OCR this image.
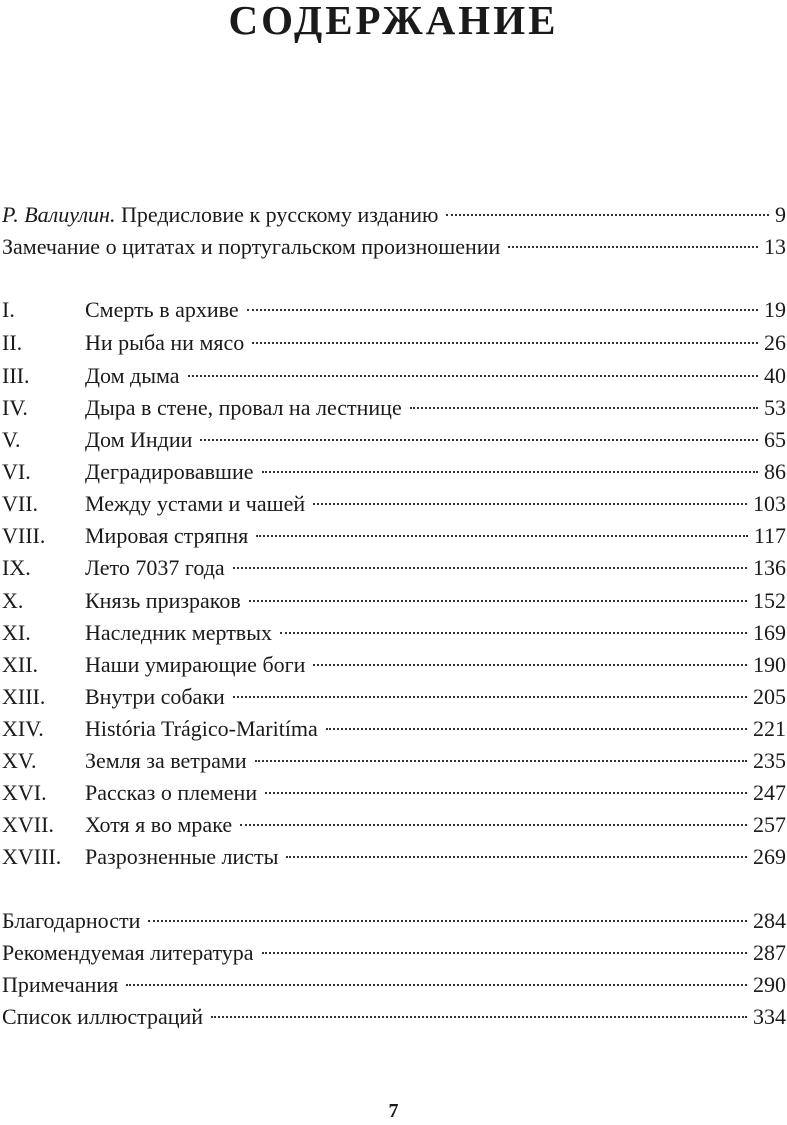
СОДЕРЖАНИЕ
Р. Валиулин. Предисловие к русскому изданию	9
Замечание о цитатах и португальском произношении	13
I.	Смерть в архиве	19
II.	Ни рыба ни мясо	26
III.	Дом дыма	40
IV.	Дыра в стене, провал на лестнице	53
V.	Дом Индии	65
VI.	Деградировавшие	86
VII.	Между устами и чашей	103
VIII.	Мировая стряпня	117
IX.	Лето 7037 года	136
X.	Князь призраков	152
XI.	Наследник мертвых	169
XII.	Наши умирающие боги	190
XIII.	Внутри собаки	205
XIV.	História Trágico-Maritíma	221
XV.	Земля за ветрами	235
XVI.	Рассказ о племени	247
XVII.	Хотя я во мраке	257
XVIII.	Разрозненные листы	269
Благодарности	284
Рекомендуемая литература	287
Примечания	290
Список иллюстраций	334
7
